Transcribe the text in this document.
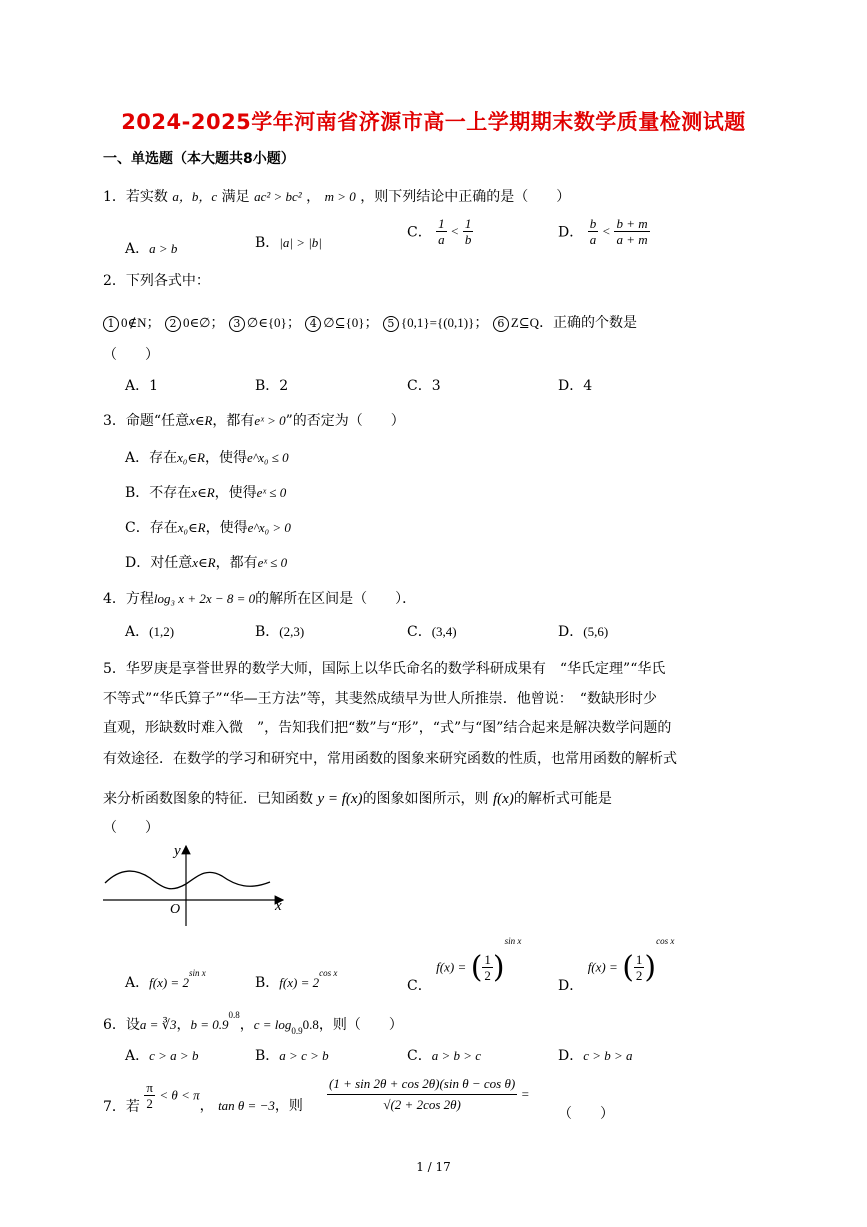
2024-2025学年河南省济源市高一上学期期末数学质量检测试题
一、单选题（本大题共8小题）
1．若实数 a，b，c 满足 ac² > bc² ， m > 0 ，则下列结论中正确的是（　　）
A．a > b	B．|a| > |b|
C． $\frac{1}{a} < \frac{1}{b}$	D． $\frac{b}{a} < \frac{b + m}{a + m}$
2．下列各式中：
1 0∉N； 2 0∈∅； 3 ∅∈{0}； 4 ∅⊆{0}； 5 {0,1}={(0,1)}； 6 Z⊆Q．正确的个数是
（　　）
A．1	B．2	C．3	D．4
3．命题“任意x∈R，都有eˣ > 0”的否定为（　　）
A．存在x₀∈R，使得e^x₀ ≤ 0
B．不存在x∈R，使得eˣ ≤ 0
C．存在x₀∈R，使得e^x₀ > 0
D．对任意x∈R，都有eˣ ≤ 0
4．方程log₃ x + 2x − 8 = 0的解所在区间是（　　）．
A．(1,2)	B．(2,3)	C．(3,4)	D．(5,6)
5．华罗庚是享誉世界的数学大师，国际上以华氏命名的数学科研成果有　“华氏定理”“华氏
不等式”“华氏算子”“华—王方法”等，其斐然成绩早为世人所推崇．他曾说：　“数缺形时少
直观，形缺数时难入微　”，告知我们把“数”与“形”，“式”与“图”结合起来是解决数学问题的
有效途径．在数学的学习和研究中，常用函数的图象来研究函数的性质，也常用函数的解析式
来分析函数图象的特征．已知函数 y = f(x)的图象如图所示，则 f(x)的解析式可能是
（　　）
y
x
O
A．$f(x) = 2^{sin x}$
B．$f(x) = 2^{cos x}$
C． f(x) = ( $\frac{1}{2} )^{sin x}$
D． f(x) = ( $\frac{1}{2} )^{cos x}$
6．设a = ∛3，$b = 0.9^{0.8}$，c = log0.90.8，则（　　）
A．c > a > b	B．a > c > b	C．a > b > c	D．c > b > a
7．若 $\frac{\pi}{2} < \theta < \pi$， tan θ = −3，则 $\frac{\text{(1 + sin 2θ + cos 2θ)(sin θ − cos θ)}}{√(2 + 2\cos 2\theta)}$ =
（　　）
1 / 17
